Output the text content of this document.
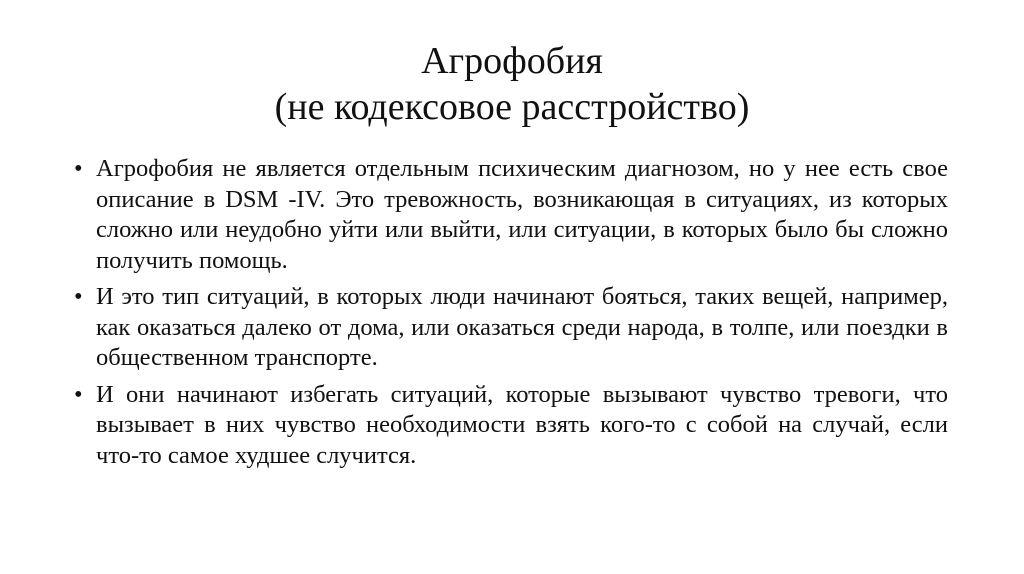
Агрофобия
(не кодексовое расстройство)
• Агрофобия не является отдельным психическим диагнозом, но у нее есть свое описание в DSM -IV. Это тревожность, возникающая в ситуациях, из которых сложно или неудобно уйти или выйти, или ситуации, в которых было бы сложно получить помощь.
• И это тип ситуаций, в которых люди начинают бояться, таких вещей, например, как оказаться далеко от дома, или оказаться среди народа, в толпе, или поездки в общественном транспорте.
• И они начинают избегать ситуаций, которые вызывают чувство тревоги, что вызывает в них чувство необходимости взять кого-то с собой на случай, если что-то самое худшее случится.
